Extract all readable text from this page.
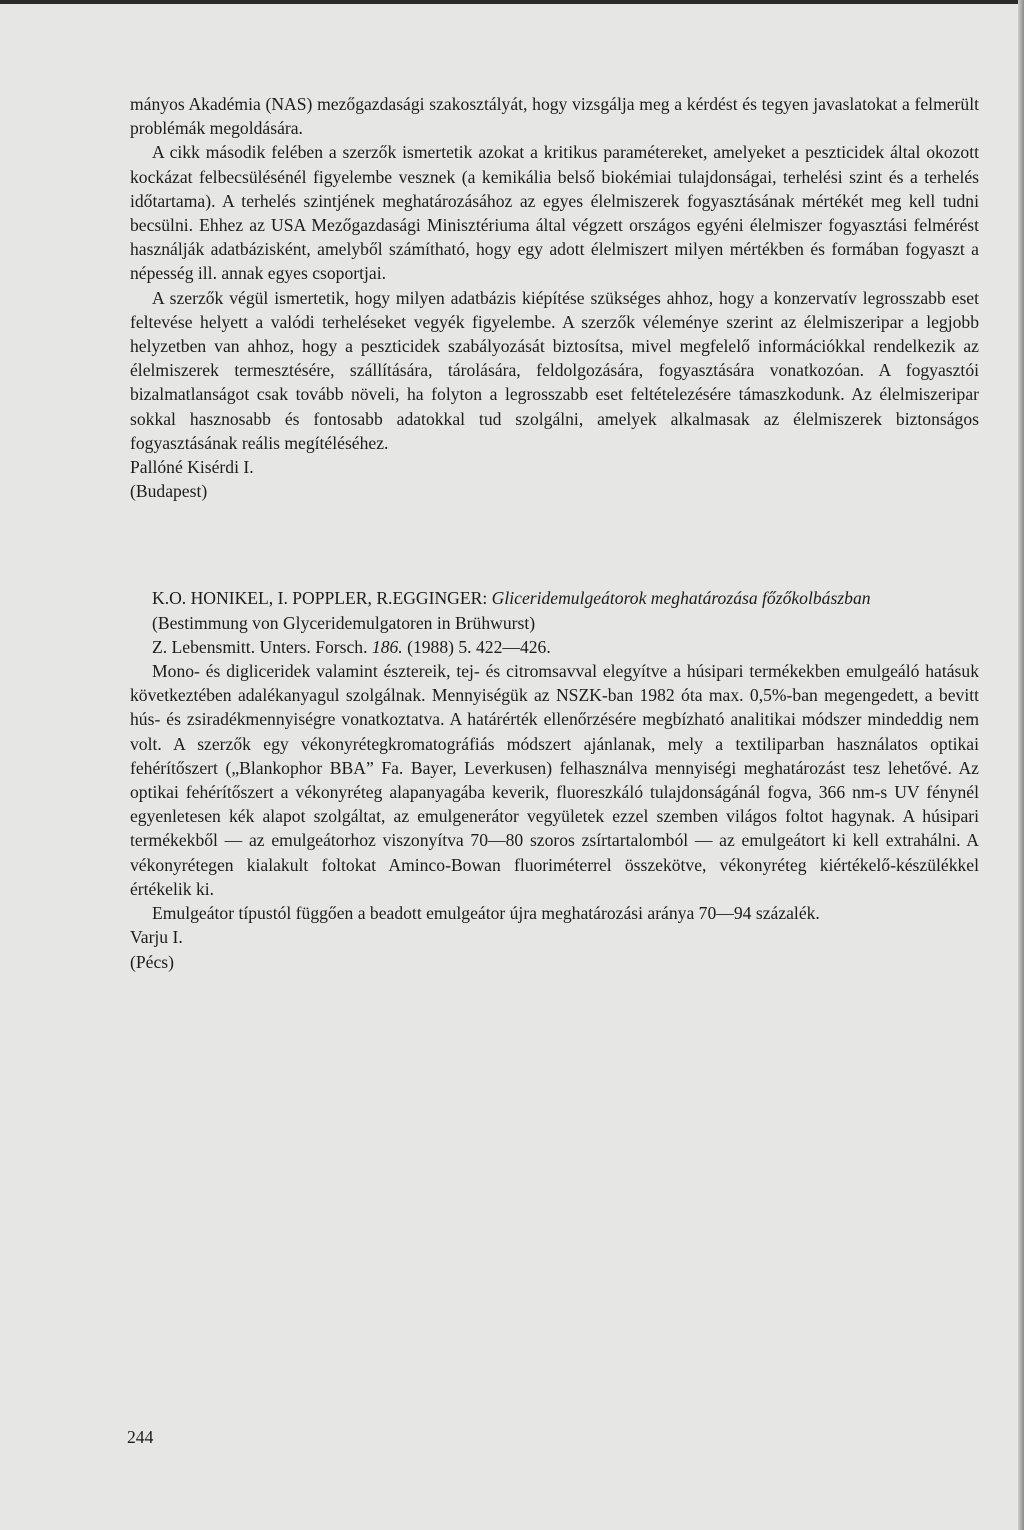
mányos Akadémia (NAS) mezőgazdasági szakosztályát, hogy vizsgálja meg a kérdést és tegyen javaslatokat a felmerült problémák megoldására.

A cikk második felében a szerzők ismertetik azokat a kritikus paramétereket, amelyeket a peszticidek által okozott kockázat felbecsülésénél figyelembe vesznek (a kemikália belső biokémiai tulajdonságai, terhelési szint és a terhelés időtartama). A terhelés szintjének meghatározásához az egyes élelmiszerek fogyasztásának mértékét meg kell tudni becsülni. Ehhez az USA Mezőgazdasági Minisztériuma által végzett országos egyéni élelmiszer fogyasztási felmérést használják adatbázisként, amelyből számítható, hogy egy adott élelmiszert milyen mértékben és formában fogyaszt a népesség ill. annak egyes csoportjai.

A szerzők végül ismertetik, hogy milyen adatbázis kiépítése szükséges ahhoz, hogy a konzervatív legrosszabb eset feltevése helyett a valódi terheléseket vegyék figyelembe. A szerzők véleménye szerint az élelmiszeripar a legjobb helyzetben van ahhoz, hogy a peszticidek szabályozását biztosítsa, mivel megfelelő információkkal rendelkezik az élelmiszerek termesztésére, szállítására, tárolására, feldolgozására, fogyasztására vonatkozóan. A fogyasztói bizalmatlanságot csak tovább növeli, ha folyton a legrosszabb eset feltételezésére támaszkodunk. Az élelmiszeripar sokkal hasznosabb és fontosabb adatokkal tud szolgálni, amelyek alkalmasak az élelmiszerek biztonságos fogyasztásának reális megítéléséhez.

Pallóné Kisérdi I.

(Budapest)

K.O. HONIKEL, I. POPPLER, R.EGGINGER: Gliceridemulgeátorok meghatározása főzőkolbászban

(Bestimmung von Glyceridemulgatoren in Brühwurst)

Z. Lebensmitt. Unters. Forsch. 186. (1988) 5. 422—426.

Mono- és digliceridek valamint észtereik, tej- és citromsavval elegyítve a húsipari termékekben emulgeáló hatásuk következtében adalékanyagul szolgálnak. Mennyiségük az NSZK-ban 1982 óta max. 0,5%-ban megengedett, a bevitt hús- és zsiradékmennyiségre vonatkoztatva. A határérték ellenőrzésére megbízható analitikai módszer mindeddig nem volt. A szerzők egy vékonyrétegkromatográfiás módszert ajánlanak, mely a textiliparban használatos optikai fehérítőszert („Blankophor BBA” Fa. Bayer, Leverkusen) felhasználva mennyiségi meghatározást tesz lehetővé. Az optikai fehérítőszert a vékonyréteg alapanyagába keverik, fluoreszkáló tulajdonságánál fogva, 366 nm-s UV fénynél egyenletesen kék alapot szolgáltat, az emulgenerátor vegyületek ezzel szemben világos foltot hagynak. A húsipari termékekből — az emulgeátorhoz viszonyítva 70—80 szoros zsírtartalomból — az emulgeátort ki kell extrahálni. A vékonyrétegen kialakult foltokat Aminco-Bowan fluoriméterrel összekötve, vékonyréteg kiértékelő-készülékkel értékelik ki.

Emulgeátor típustól függően a beadott emulgeátor újra meghatározási aránya 70—94 százalék.

Varju I.

(Pécs)

244
